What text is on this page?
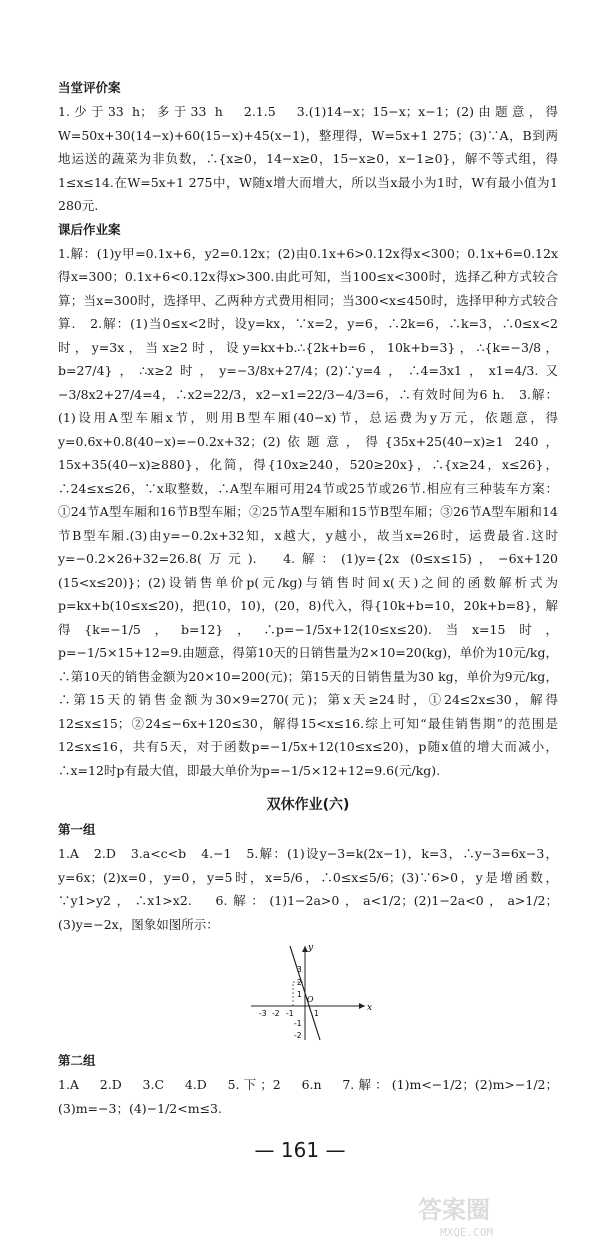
当堂评价案

1.少于33 h；多于33 h　2.1.5　3.(1)14−x；15−x；x−1；(2)由题意，得W=50x+30(14−x)+60(15−x)+45(x−1)，整理得，W=5x+1 275；(3)∵A，B到两地运送的蔬菜为非负数，∴{x≥0，14−x≥0，15−x≥0，x−1≥0}，解不等式组，得1≤x≤14.在W=5x+1 275中，W随x增大而增大，所以当x最小为1时，W有最小值为1 280元.

课后作业案

1.解：(1)y甲=0.1x+6，y2=0.12x；(2)由0.1x+6>0.12x得x<300；0.1x+6=0.12x得x=300；0.1x+6<0.12x得x>300.由此可知，当100≤x<300时，选择乙种方式较合算；当x=300时，选择甲、乙两种方式费用相同；当300<x≤450时，选择甲种方式较合算.　2.解：(1)当0≤x<2时，设y=kx，∵x=2，y=6，∴2k=6，∴k=3，∴0≤x<2时，y=3x，当x≥2时，设y=kx+b.∴{2k+b=6，10k+b=3}，∴{k=−3/8，b=27/4}，∴x≥2时，y=−3/8x+27/4；(2)∵y=4，∴4=3x1，x1=4/3.又−3/8x2+27/4=4，∴x2=22/3，x2−x1=22/3−4/3=6，∴有效时间为6 h.　3.解：(1)设用A型车厢x节，则用B型车厢(40−x)节，总运费为y万元，依题意，得y=0.6x+0.8(40−x)=−0.2x+32；(2)依题意，得{35x+25(40−x)≥1 240，15x+35(40−x)≥880}，化简，得{10x≥240，520≥20x}，∴{x≥24，x≤26}，∴24≤x≤26，∵x取整数，∴A型车厢可用24节或25节或26节.相应有三种装车方案：①24节A型车厢和16节B型车厢；②25节A型车厢和15节B型车厢；③26节A型车厢和14节B型车厢.(3)由y=−0.2x+32知，x越大，y越小，故当x=26时，运费最省.这时y=−0.2×26+32=26.8(万元).　4.解：(1)y={2x (0≤x≤15)，−6x+120 (15<x≤20)}；(2)设销售单价p(元/kg)与销售时间x(天)之间的函数解析式为p=kx+b(10≤x≤20)，把(10，10)，(20，8)代入，得{10k+b=10，20k+b=8}，解得{k=−1/5，b=12}，∴p=−1/5x+12(10≤x≤20).当x=15时，p=−1/5×15+12=9.由题意，得第10天的日销售量为2×10=20(kg)，单价为10元/kg，∴第10天的销售金额为20×10=200(元)；第15天的日销售量为30 kg，单价为9元/kg，∴第15天的销售金额为30×9=270(元)；第x天≥24时，①24≤2x≤30，解得12≤x≤15；②24≤−6x+120≤30，解得15<x≤16.综上可知“最佳销售期”的范围是12≤x≤16，共有5天，对于函数p=−1/5x+12(10≤x≤20)，p随x值的增大而减小，∴x=12时p有最大值，即最大单价为p=−1/5×12+12=9.6(元/kg).

双休作业(六)
第一组

1.A　2.D　3.a<c<b　4.−1　5.解：(1)设y−3=k(2x−1)，k=3，∴y−3=6x−3，y=6x；(2)x=0，y=0，y=5时，x=5/6，∴0≤x≤5/6；(3)∵6>0，y是增函数，∵y1>y2，∴x1>x2.　6.解：(1)1−2a>0，a<1/2；(2)1−2a<0，a>1/2；(3)y=−2x，图象如图所示：

x
y
O
-3 -2 -1	1
3
2
1
-1
-2
第二组

1.A　2.D　3.C　4.D　5.下；2　6.n　7.解：(1)m<−1/2；(2)m>−1/2；(3)m=−3；(4)−1/2<m≤3.

— 161 —
答案圈
MXQE.COM
